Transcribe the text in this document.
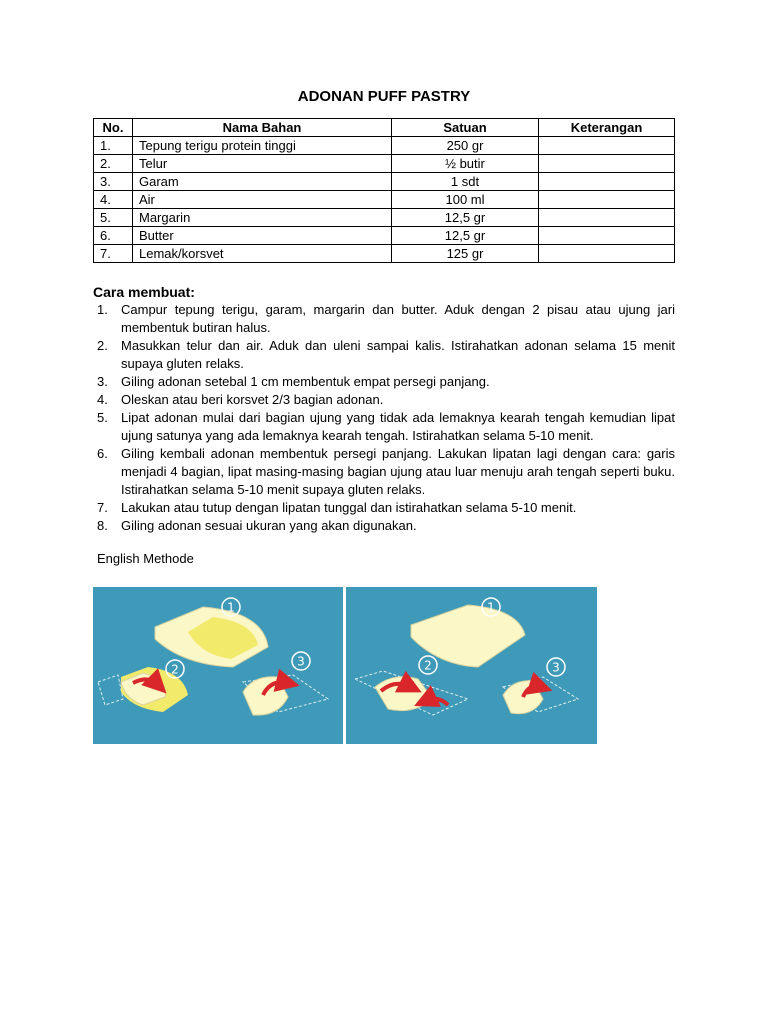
ADONAN PUFF PASTRY
No.	Nama Bahan	Satuan	Keterangan
1.	Tepung terigu protein tinggi	250 gr	
2.	Telur	½ butir	
3.	Garam	1 sdt	
4.	Air	100 ml	
5.	Margarin	12,5 gr	
6.	Butter	12,5 gr	
7.	Lemak/korsvet	125 gr	
Cara membuat:
1. Campur tepung terigu, garam, margarin dan butter. Aduk dengan 2 pisau atau ujung jari membentuk butiran halus.
2. Masukkan telur dan air. Aduk dan uleni sampai kalis. Istirahatkan adonan selama 15 menit supaya gluten relaks.
3. Giling adonan setebal 1 cm membentuk empat persegi panjang.
4. Oleskan atau beri korsvet 2/3 bagian adonan.
5. Lipat adonan mulai dari bagian ujung yang tidak ada lemaknya kearah tengah kemudian lipat ujung satunya yang ada lemaknya kearah tengah. Istirahatkan selama 5-10 menit.
6. Giling kembali adonan membentuk persegi panjang. Lakukan lipatan lagi dengan cara: garis menjadi 4 bagian, lipat masing-masing bagian ujung atau luar menuju arah tengah seperti buku. Istirahatkan selama 5-10 menit supaya gluten relaks.
7. Lakukan atau tutup dengan lipatan tunggal dan istirahatkan selama 5-10 menit.
8. Giling adonan sesuai ukuran yang akan digunakan.
English Methode
1
2
3
1
2	3
